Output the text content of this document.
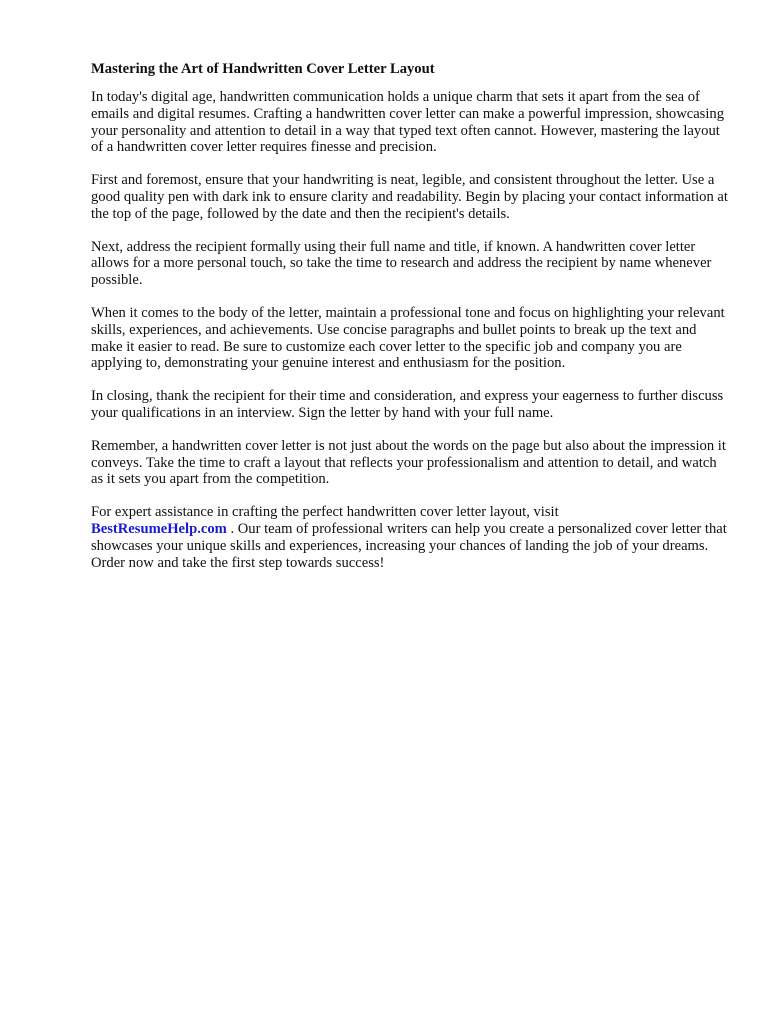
Mastering the Art of Handwritten Cover Letter Layout

In today's digital age, handwritten communication holds a unique charm that sets it apart from the sea of emails and digital resumes. Crafting a handwritten cover letter can make a powerful impression, showcasing your personality and attention to detail in a way that typed text often cannot. However, mastering the layout of a handwritten cover letter requires finesse and precision.

First and foremost, ensure that your handwriting is neat, legible, and consistent throughout the letter. Use a good quality pen with dark ink to ensure clarity and readability. Begin by placing your contact information at the top of the page, followed by the date and then the recipient's details.

Next, address the recipient formally using their full name and title, if known. A handwritten cover letter allows for a more personal touch, so take the time to research and address the recipient by name whenever possible.

When it comes to the body of the letter, maintain a professional tone and focus on highlighting your relevant skills, experiences, and achievements. Use concise paragraphs and bullet points to break up the text and make it easier to read. Be sure to customize each cover letter to the specific job and company you are applying to, demonstrating your genuine interest and enthusiasm for the position.

In closing, thank the recipient for their time and consideration, and express your eagerness to further discuss your qualifications in an interview. Sign the letter by hand with your full name.

Remember, a handwritten cover letter is not just about the words on the page but also about the impression it conveys. Take the time to craft a layout that reflects your professionalism and attention to detail, and watch as it sets you apart from the competition.

For expert assistance in crafting the perfect handwritten cover letter layout, visit
BestResumeHelp.com . Our team of professional writers can help you create a personalized cover letter that showcases your unique skills and experiences, increasing your chances of landing the job of your dreams. Order now and take the first step towards success!
